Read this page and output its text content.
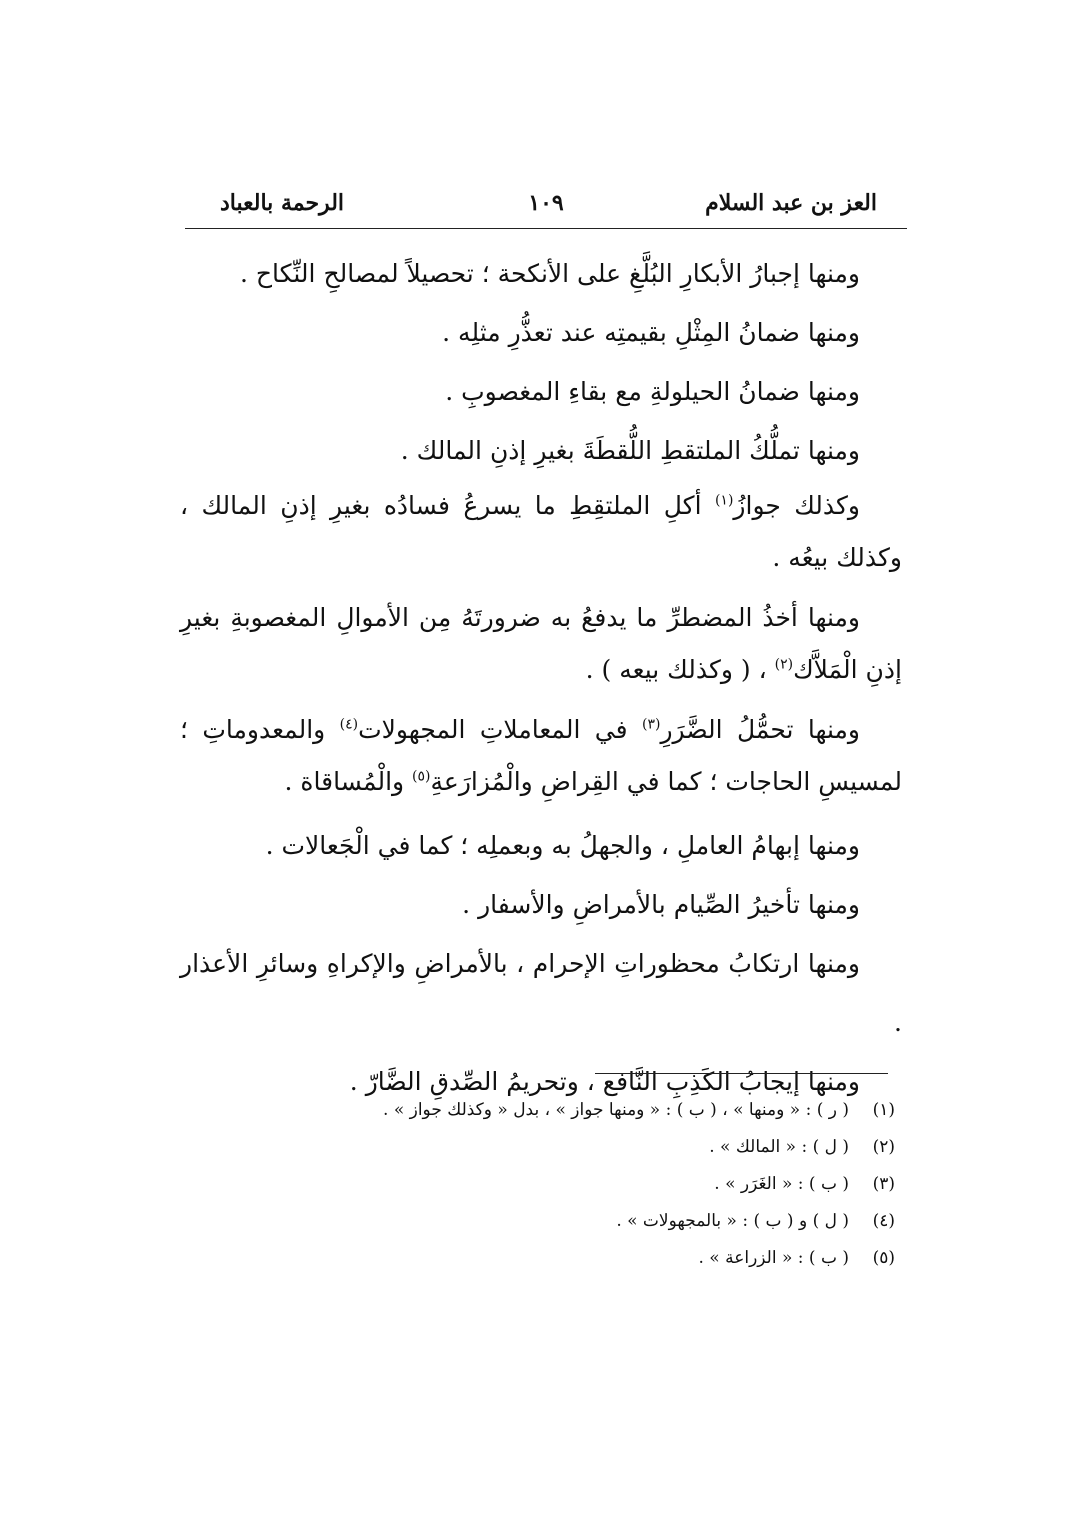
العز بن عبد السلام
١٠٩
الرحمة بالعباد

ومنها إجبارُ الأبكارِ البُلَّغِ على الأنكحة ؛ تحصيلاً لمصالحِ النِّكاح .

ومنها ضمانُ المِثْلِ بقيمتِه عند تعذُّرِ مثلِه .

ومنها ضمانُ الحيلولةِ مع بقاءِ المغصوبِ .

ومنها تملُّكُ الملتقطِ اللُّقطَةَ بغيرِ إذنِ المالك .

وكذلك جوازُ$^{(١)}$ أكلِ الملتقِطِ ما يسرعُ فسادُه بغيرِ إذنِ المالك ، وكذلك بيعُه .

ومنها أخذُ المضطرِّ ما يدفعُ به ضرورتَهُ مِن الأموالِ المغصوبةِ بغيرِ إذنِ الْمَلاَّك$^{(٢)}$ ، ( وكذلك بيعه ) .

ومنها تحمُّلُ الضَّرَرِ$^{(٣)}$ في المعاملاتِ المجهولات$^{(٤)}$ والمعدوماتِ ؛ لمسيسِ الحاجات ؛ كما في القِراضِ والْمُزارَعةِ$^{(٥)}$ والْمُساقاة .

ومنها إبهامُ العاملِ ، والجهلُ به وبعملِه ؛ كما في الْجَعالات .

ومنها تأخيرُ الصِّيام بالأمراضِ والأسفار .

ومنها ارتكابُ محظوراتِ الإحرام ، بالأمراضِ والإكراهِ وسائرِ الأعذار .

ومنها إيجابُ الكَذِبِ النَّافع ، وتحريمُ الصِّدقِ الضَّارّ .

(١)
( ر ) : « ومنها » ، ( ب ) : « ومنها جواز » ، بدل « وكذلك جواز » .
(٢)
( ل ) : « المالك » .
(٣)
( ب ) : « الغَرَر » .
(٤)
( ل ) و ( ب ) : « بالمجهولات » .
(٥)
( ب ) : « الزراعة » .
